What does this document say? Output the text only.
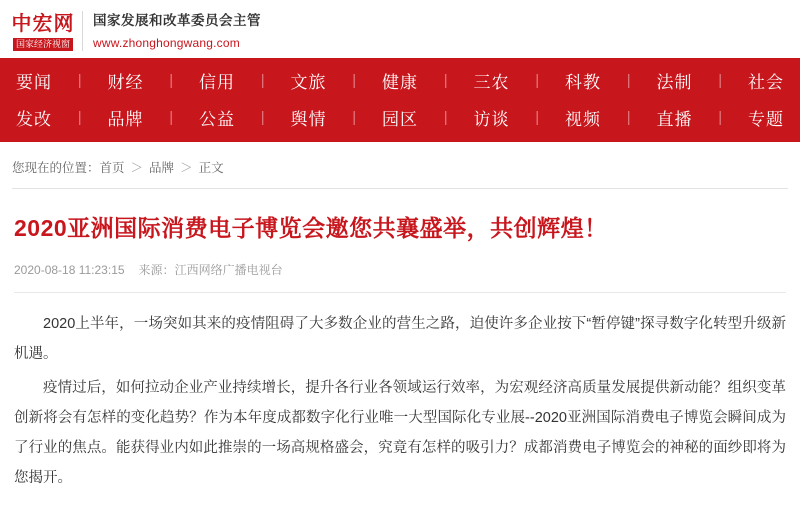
中宏网
国家经济视窗
国家发展和改革委员会主管
www.zhonghongwang.com
要闻 | 财经 | 信用 | 文旅 | 健康 | 三农 | 科教 | 法制 | 社会
发改 | 品牌 | 公益 | 舆情 | 园区 | 访谈 | 视频 | 直播 | 专题
您现在的位置：首页 ＞ 品牌 ＞ 正文
2020亚洲国际消费电子博览会邀您共襄盛举，共创辉煌！
2020-08-18 11:23:15 来源：江西网络广播电视台

2020上半年，一场突如其来的疫情阻碍了大多数企业的营生之路，迫使许多企业按下“暂停键”探寻数字化转型升级新机遇。

疫情过后，如何拉动企业产业持续增长，提升各行业各领域运行效率，为宏观经济高质量发展提供新动能？组织变革创新将会有怎样的变化趋势？作为本年度成都数字化行业唯一大型国际化专业展--2020亚洲国际消费电子博览会瞬间成为了行业的焦点。能获得业内如此推崇的一场高规格盛会，究竟有怎样的吸引力？成都消费电子博览会的神秘的面纱即将为您揭开。
